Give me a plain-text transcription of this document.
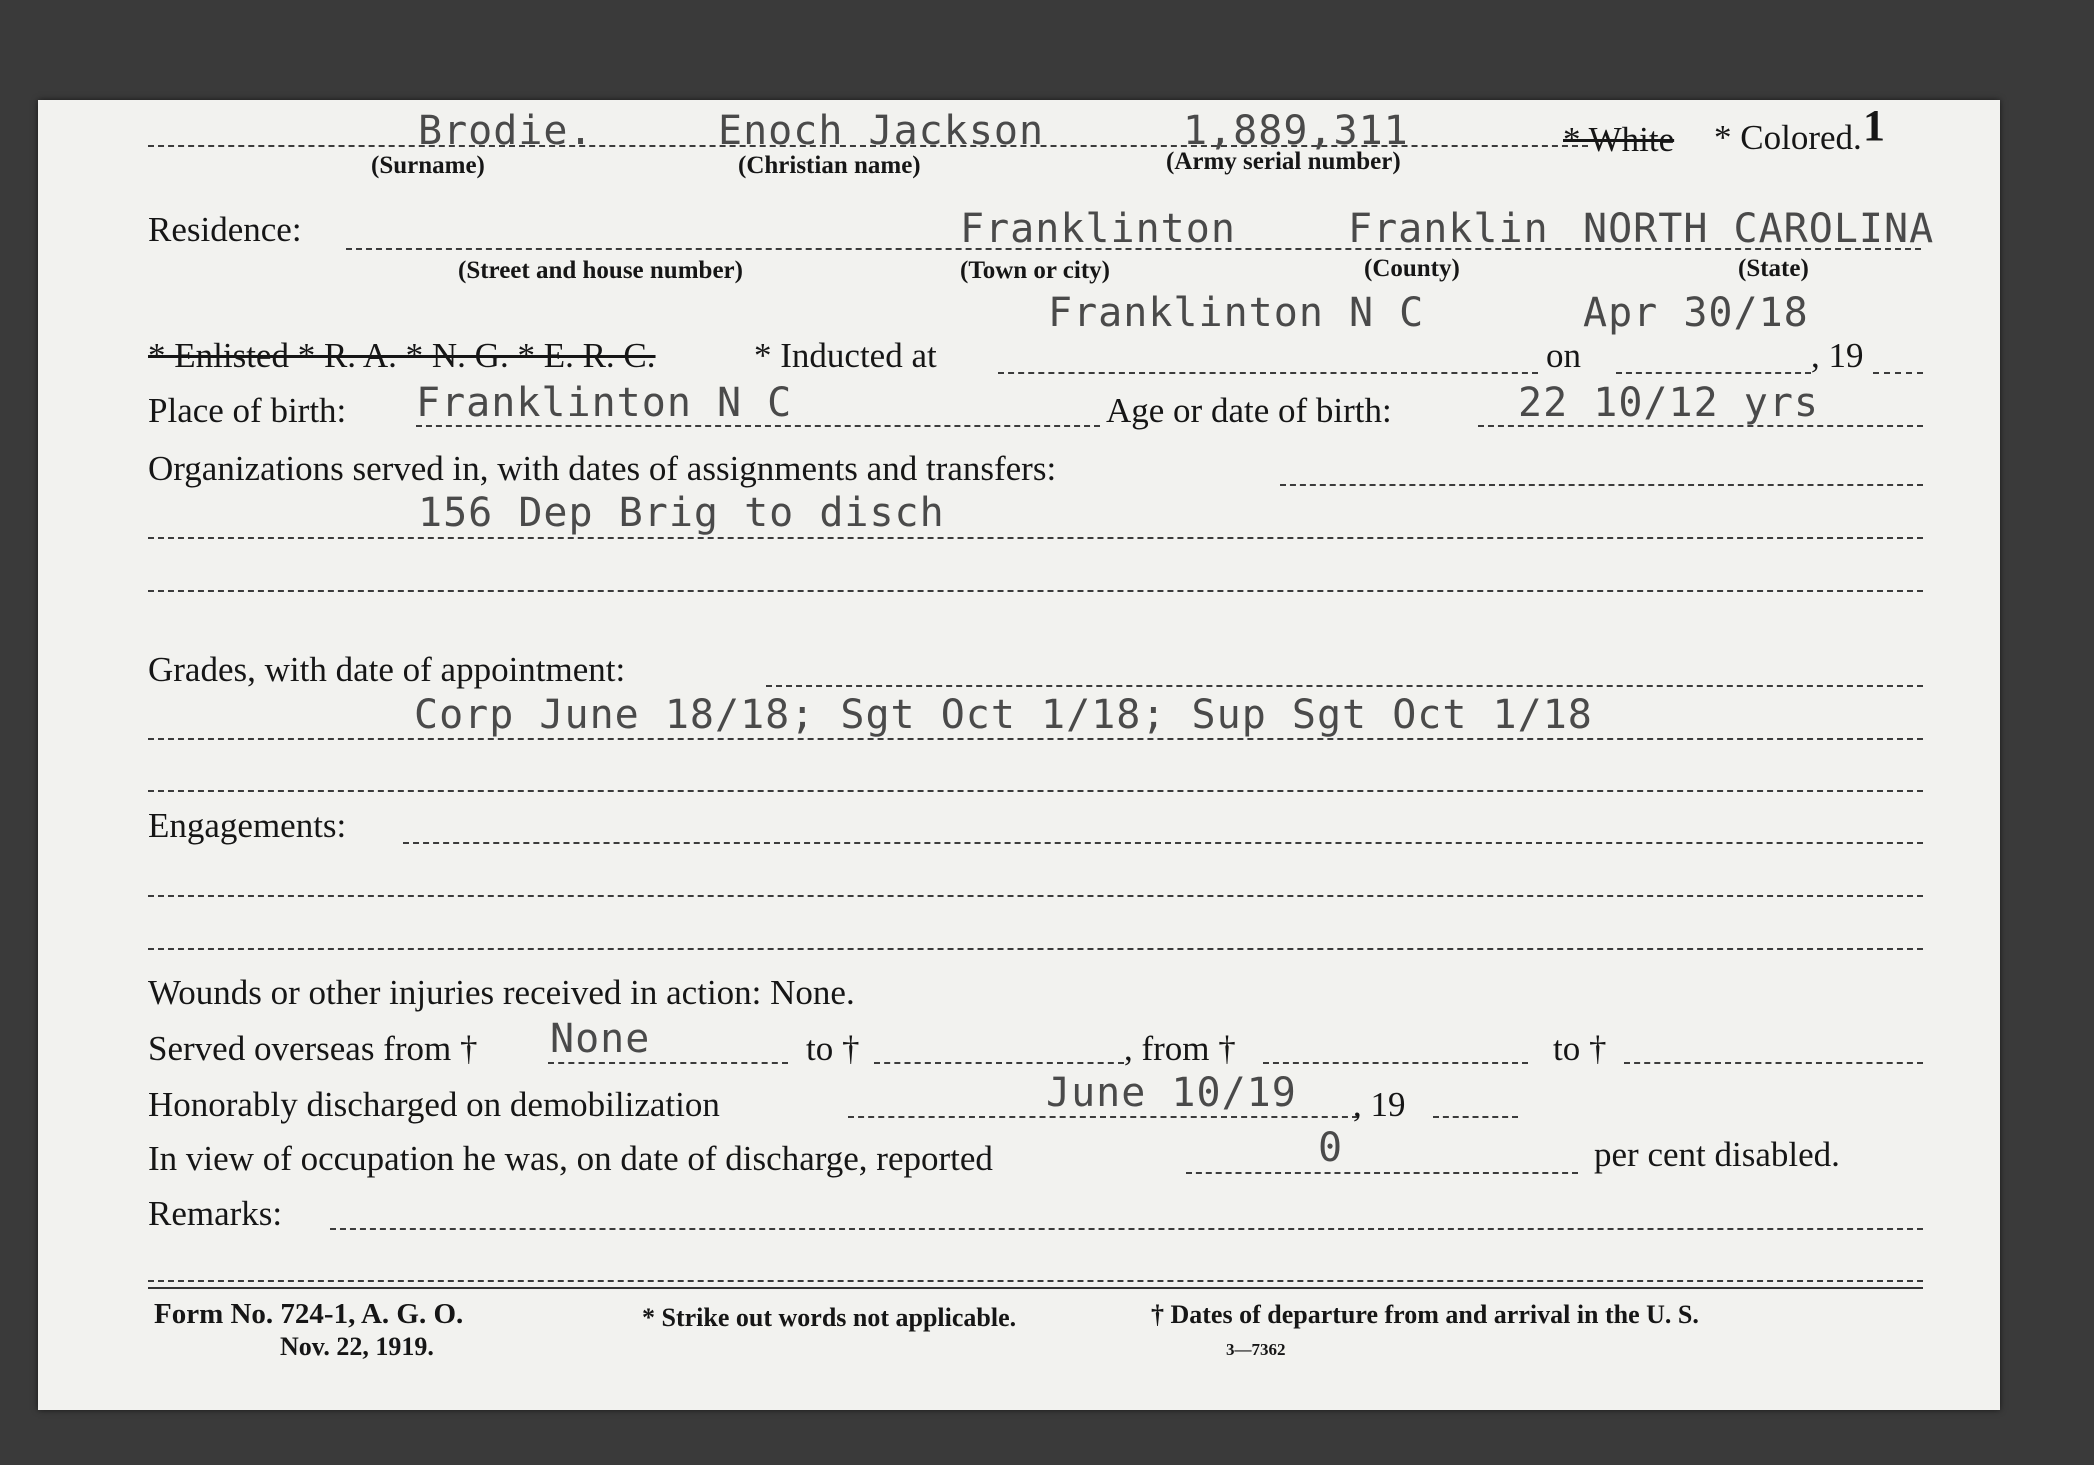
1
Brodie.	Enoch Jackson	1,889,311	* White * Colored.
(Surname)	(Christian name)	(Army serial number)
Residence:	Franklinton	Franklin NORTH CAROLINA
(Street and house number)	(Town or city)	(County)	(State)
Franklinton N C	Apr 30/18
* Enlisted * R. A. * N. G. * E. R. C.	* Inducted at	on	, 19
Place of birth: Franklinton N C	Age or date of birth:	22 10/12 yrs
Organizations served in, with dates of assignments and transfers:
156 Dep Brig to disch
Grades, with date of appointment:
Corp June 18/18; Sgt Oct 1/18; Sup Sgt Oct 1/18
Engagements:
Wounds or other injuries received in action: None.
Served overseas from † None	to †	, from †	to †
Honorably discharged on demobilization	June 10/19 , 19
In view of occupation he was, on date of discharge, reported	0	per cent disabled.
Remarks:
Form No. 724-1, A. G. O.
Nov. 22, 1919.
* Strike out words not applicable.	† Dates of departure from and arrival in the U. S.
3—7362
